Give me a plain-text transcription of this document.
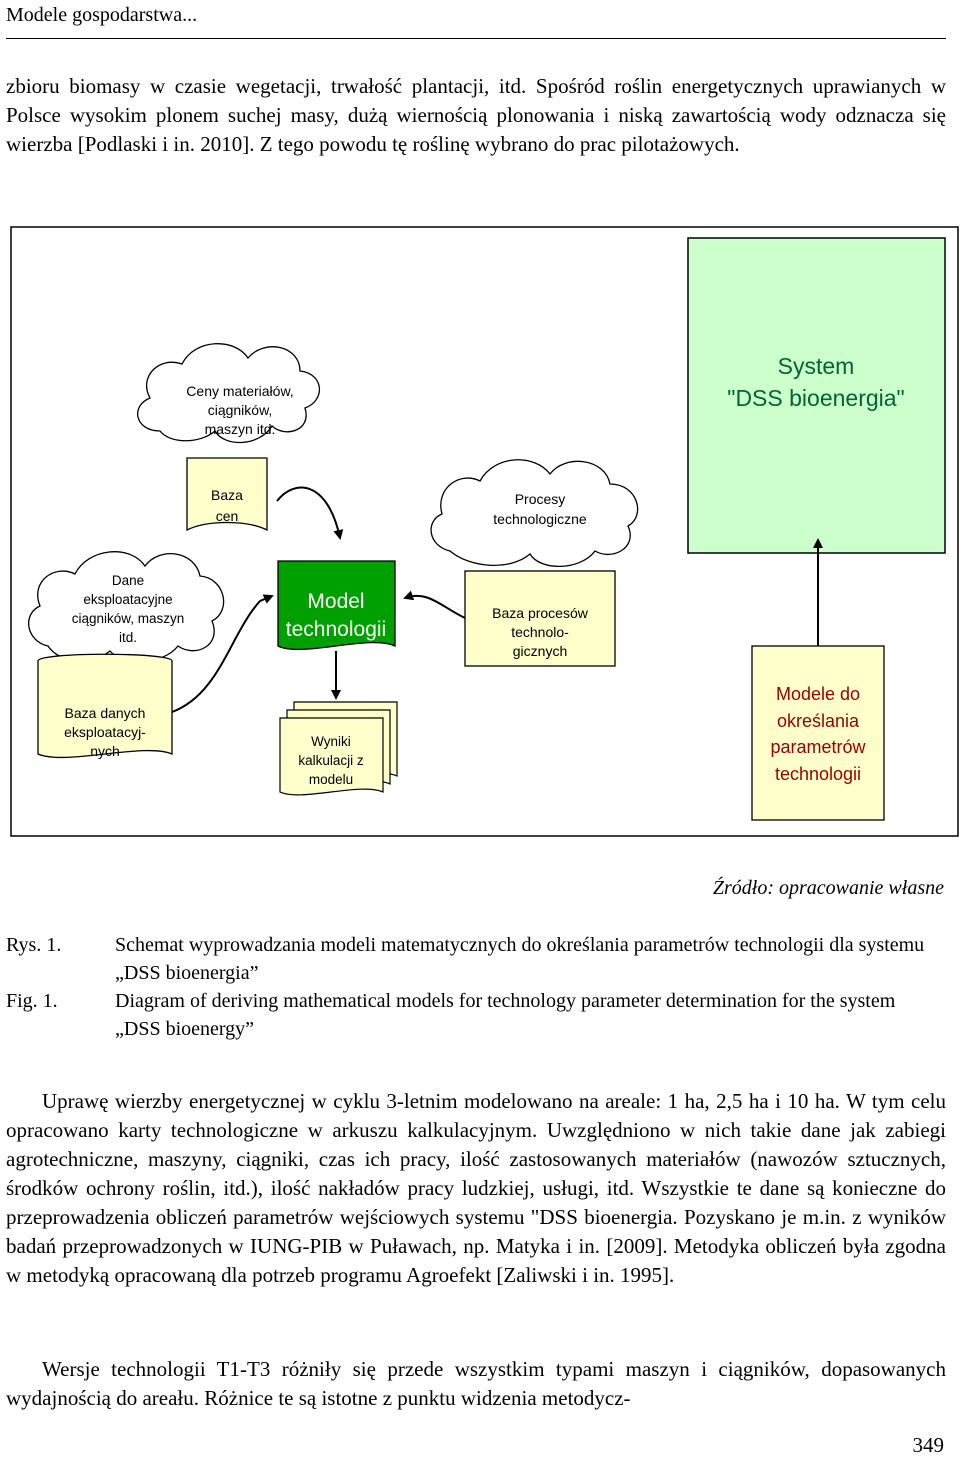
Modele gospodarstwa...

zbioru biomasy w czasie wegetacji, trwałość plantacji, itd. Spośród roślin energetycznych uprawianych w Polsce wysokim plonem suchej masy, dużą wiernością plonowania i niską zawartością wody odznacza się wierzba [Podlaski i in. 2010]. Z tego powodu tę roślinę wybrano do prac pilotażowych.

System
"DSS bioenergia"
Ceny materiałów,
ciągników,
maszyn itd.
Baza
cen
Procesy
technologiczne
Dane
eksploatacyjne
ciągników, maszyn
itd.
Baza danych
eksploatacyj-
nych
Model
technologii
Baza procesów
technolo-
gicznych
Wyniki
kalkulacji z
modelu
Modele do
określania
parametrów
technologii
Źródło: opracowanie własne
Rys. 1.	Schemat wyprowadzania modeli matematycznych do określania parametrów technologii dla systemu „DSS bioenergia”
Fig. 1.	Diagram of deriving mathematical models for technology parameter determination for the system „DSS bioenergy”

Uprawę wierzby energetycznej w cyklu 3-letnim modelowano na areale: 1 ha, 2,5 ha i 10 ha. W tym celu opracowano karty technologiczne w arkuszu kalkulacyjnym. Uwzględniono w nich takie dane jak zabiegi agrotechniczne, maszyny, ciągniki, czas ich pracy, ilość zastosowanych materiałów (nawozów sztucznych, środków ochrony roślin, itd.), ilość nakładów pracy ludzkiej, usługi, itd. Wszystkie te dane są konieczne do przeprowadzenia obliczeń parametrów wejściowych systemu "DSS bioenergia. Pozyskano je m.in. z wyników badań przeprowadzonych w IUNG-PIB w Puławach, np. Matyka i in. [2009]. Metodyka obliczeń była zgodna w metodyką opracowaną dla potrzeb programu Agroefekt [Zaliwski i in. 1995].

Wersje technologii T1-T3 różniły się przede wszystkim typami maszyn i ciągników, dopasowanych wydajnością do areału. Różnice te są istotne z punktu widzenia metodycz-

349
